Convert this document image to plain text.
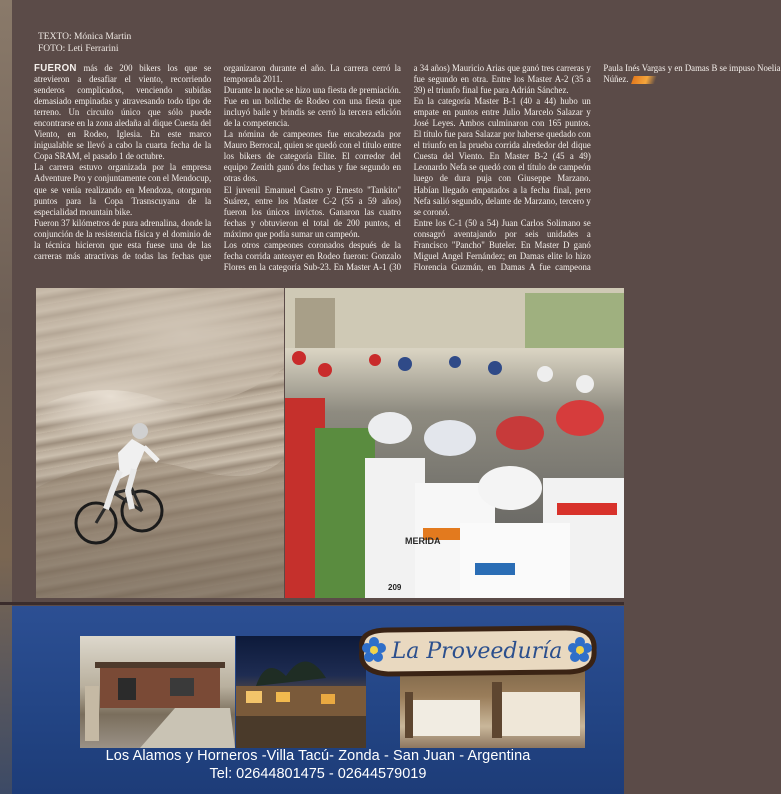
TEXTO: Mónica Martin
FOTO: Leti Ferrarini

FUERON más de 200 bikers los que se atrevieron a desafiar el viento, recorriendo senderos complicados, venciendo subidas demasiado empinadas y atravesando todo tipo de terreno. Un circuito único que sólo puede encontrarse en la zona aledaña al dique Cuesta del Viento, en Rodeo, Iglesia. En este marco inigualable se llevó a cabo la cuarta fecha de la Copa SRAM, el pasado 1 de octubre.

La carrera estuvo organizada por la empresa Adventure Pro y conjuntamente con el Mendocup, que se venía realizando en Mendoza, otorgaron puntos para la Copa Trasnscuyana de la especialidad mountain bike.

Fueron 37 kilómetros de pura adrenalina, donde la conjunción de la resistencia física y el dominio de la técnica hicieron que esta fuese una de las carreras más atractivas de todas las fechas que organizaron durante el año. La carrera cerró la temporada 2011.

Durante la noche se hizo una fiesta de premiación. Fue en un boliche de Rodeo con una fiesta que incluyó baile y brindis se cerró la tercera edición de la competencia.

La nómina de campeones fue encabezada por Mauro Berrocal, quien se quedó con el título entre los bikers de categoría Elite. El corredor del equipo Zenith ganó dos fechas y fue segundo en otras dos.

El juvenil Emanuel Castro y Ernesto "Tankito" Suárez, entre los Master C-2 (55 a 59 años) fueron los únicos invictos. Ganaron las cuatro fechas y obtuvieron el total de 200 puntos, el máximo que podía sumar un campeón.

Los otros campeones coronados después de la fecha corrida anteayer en Rodeo fueron: Gonzalo Flores en la categoría Sub-23. En Master A-1 (30 a 34 años) Mauricio Arias que ganó tres carreras y fue segundo en otra. Entre los Master A-2 (35 a 39) el triunfo final fue para Adrián Sánchez.

En la categoría Master B-1 (40 a 44) hubo un empate en puntos entre Julio Marcelo Salazar y José Leyes. Ambos culminaron con 165 puntos. El título fue para Salazar por haberse quedado con el triunfo en la prueba corrida alrededor del dique Cuesta del Viento. En Master B-2 (45 a 49) Leonardo Nefa se quedó con el título de campeón luego de dura puja con Giuseppe Marzano. Habían llegado empatados a la fecha final, pero Nefa salió segundo, delante de Marzano, tercero y se coronó.

Entre los C-1 (50 a 54) Juan Carlos Solimano se consagró aventajando por seis unidades a Francisco "Pancho" Buteler. En Master D ganó Miguel Angel Fernández; en Damas elite lo hizo Florencia Guzmán, en Damas A fue campeona Paula Inés Vargas y en Damas B se impuso Noelia Núñez.

MERIDA
209
La Proveeduría
Los Alamos y Horneros -Villa Tacú- Zonda - San Juan - Argentina
Tel: 02644801475 - 02644579019
